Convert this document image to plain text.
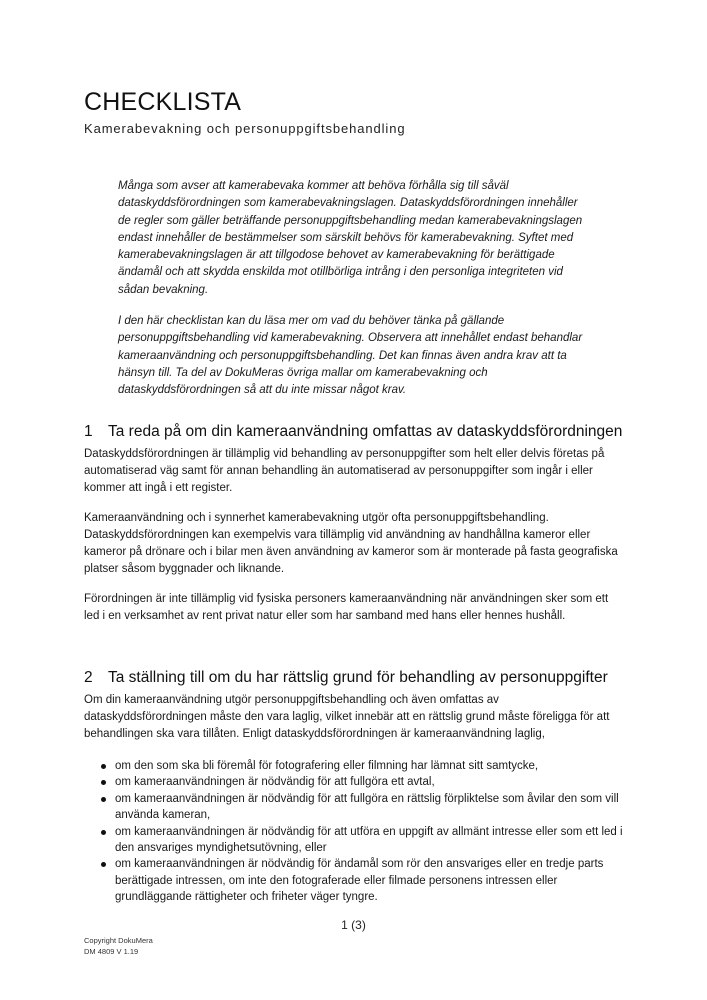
CHECKLISTA
Kamerabevakning och personuppgiftsbehandling

Många som avser att kamerabevaka kommer att behöva förhålla sig till såväl dataskyddsförordningen som kamerabevakningslagen. Dataskyddsförordningen innehåller de regler som gäller beträffande personuppgiftsbehandling medan kamerabevakningslagen endast innehåller de bestämmelser som särskilt behövs för kamerabevakning. Syftet med kamerabevakningslagen är att tillgodose behovet av kamerabevakning för berättigade ändamål och att skydda enskilda mot otillbörliga intrång i den personliga integriteten vid sådan bevakning.

I den här checklistan kan du läsa mer om vad du behöver tänka på gällande personuppgiftsbehandling vid kamerabevakning. Observera att innehållet endast behandlar kameraanvändning och personuppgiftsbehandling. Det kan finnas även andra krav att ta hänsyn till. Ta del av DokuMeras övriga mallar om kamerabevakning och dataskyddsförordningen så att du inte missar något krav.

1 Ta reda på om din kameraanvändning omfattas av dataskyddsförordningen

Dataskyddsförordningen är tillämplig vid behandling av personuppgifter som helt eller delvis företas på automatiserad väg samt för annan behandling än automatiserad av personuppgifter som ingår i eller kommer att ingå i ett register.

Kameraanvändning och i synnerhet kamerabevakning utgör ofta personuppgiftsbehandling. Dataskyddsförordningen kan exempelvis vara tillämplig vid användning av handhållna kameror eller kameror på drönare och i bilar men även användning av kameror som är monterade på fasta geografiska platser såsom byggnader och liknande.

Förordningen är inte tillämplig vid fysiska personers kameraanvändning när användningen sker som ett led i en verksamhet av rent privat natur eller som har samband med hans eller hennes hushåll.

2 Ta ställning till om du har rättslig grund för behandling av personuppgifter

Om din kameraanvändning utgör personuppgiftsbehandling och även omfattas av dataskyddsförordningen måste den vara laglig, vilket innebär att en rättslig grund måste föreligga för att behandlingen ska vara tillåten. Enligt dataskyddsförordningen är kameraanvändning laglig,

om den som ska bli föremål för fotografering eller filmning har lämnat sitt samtycke,
om kameraanvändningen är nödvändig för att fullgöra ett avtal,
om kameraanvändningen är nödvändig för att fullgöra en rättslig förpliktelse som åvilar den som vill använda kameran,
om kameraanvändningen är nödvändig för att utföra en uppgift av allmänt intresse eller som ett led i den ansvariges myndighetsutövning, eller
om kameraanvändningen är nödvändig för ändamål som rör den ansvariges eller en tredje parts berättigade intressen, om inte den fotograferade eller filmade personens intressen eller grundläggande rättigheter och friheter väger tyngre.
1 (3)
Copyright DokuMera
DM 4809 V 1.19
